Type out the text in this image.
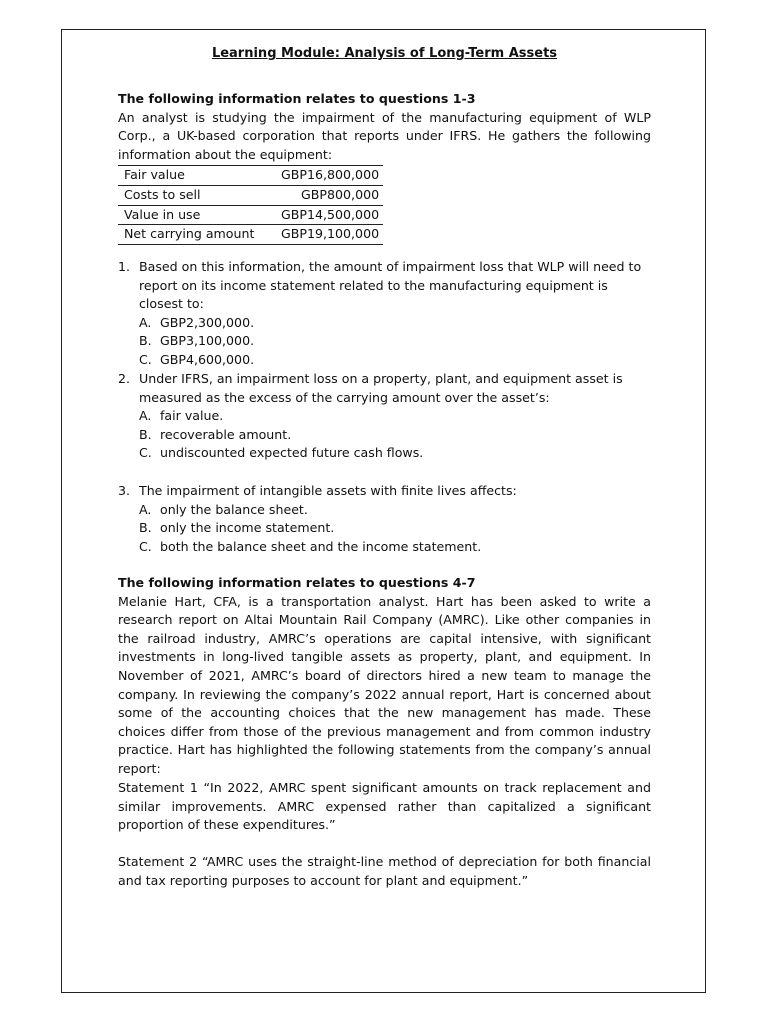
Learning Module: Analysis of Long-Term Assets
The following information relates to questions 1-3
An analyst is studying the impairment of the manufacturing equipment of WLP Corp., a UK-based corporation that reports under IFRS. He gathers the following information about the equipment:
Fair value	GBP16,800,000
Costs to sell	GBP800,000
Value in use	GBP14,500,000
Net carrying amount	GBP19,100,000
1. Based on this information, the amount of impairment loss that WLP will need to report on its income statement related to the manufacturing equipment is closest to:
A. GBP2,300,000.
B. GBP3,100,000.
C. GBP4,600,000.
2. Under IFRS, an impairment loss on a property, plant, and equipment asset is measured as the excess of the carrying amount over the asset’s:
A. fair value.
B. recoverable amount.
C. undiscounted expected future cash flows.
3. The impairment of intangible assets with finite lives affects:
A. only the balance sheet.
B. only the income statement.
C. both the balance sheet and the income statement.
The following information relates to questions 4-7
Melanie Hart, CFA, is a transportation analyst. Hart has been asked to write a research report on Altai Mountain Rail Company (AMRC). Like other companies in the railroad industry, AMRC’s operations are capital intensive, with significant investments in long-lived tangible assets as property, plant, and equipment. In November of 2021, AMRC’s board of directors hired a new team to manage the company. In reviewing the company’s 2022 annual report, Hart is concerned about some of the accounting choices that the new management has made. These choices differ from those of the previous management and from common industry practice. Hart has highlighted the following statements from the company’s annual report:
Statement 1 “In 2022, AMRC spent significant amounts on track replacement and similar improvements. AMRC expensed rather than capitalized a significant proportion of these expenditures.”
Statement 2 “AMRC uses the straight-line method of depreciation for both financial and tax reporting purposes to account for plant and equipment.”
